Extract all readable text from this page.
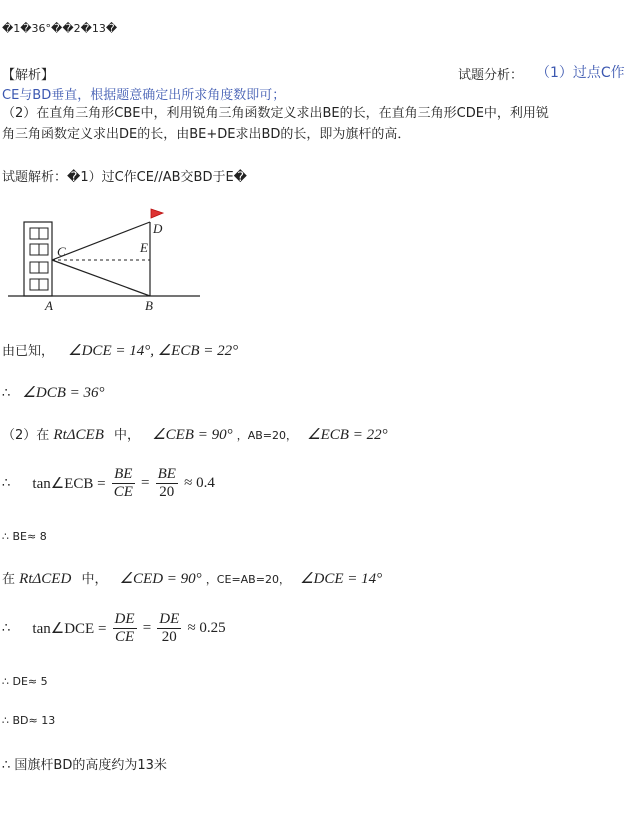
�1�36°��2�13�
【解析】	试题分析： （1）过点C作
CE与BD垂直，根据题意确定出所求角度数即可；
（2）在直角三角形CBE中，利用锐角三角函数定义求出BE的长，在直角三角形CDE中，利用锐
角三角函数定义求出DE的长，由BE+DE求出BD的长，即为旗杆的高．
试题解析：�1）过C作CE//AB交BD于E�
C
D
E
A	B
由已知， ∠DCE = 14°, ∠ECB = 22°
∴ ∠DCB = 36°
（2）在 RtΔCEB 中， ∠CEB = 90° ，AB=20， ∠ECB = 22°
∴ tan∠ECB = $\frac{BE}{CE} = \frac{BE}{20} \approx 0.4$
∴ BE≈ 8
在 RtΔCED 中， ∠CED = 90° ，CE=AB=20， ∠DCE = 14°
∴ tan∠DCE = $\frac{DE}{CE} = \frac{DE}{20} \approx 0.25$
∴ DE≈ 5
∴ BD≈ 13
∴ 国旗杆BD的高度约为13米
